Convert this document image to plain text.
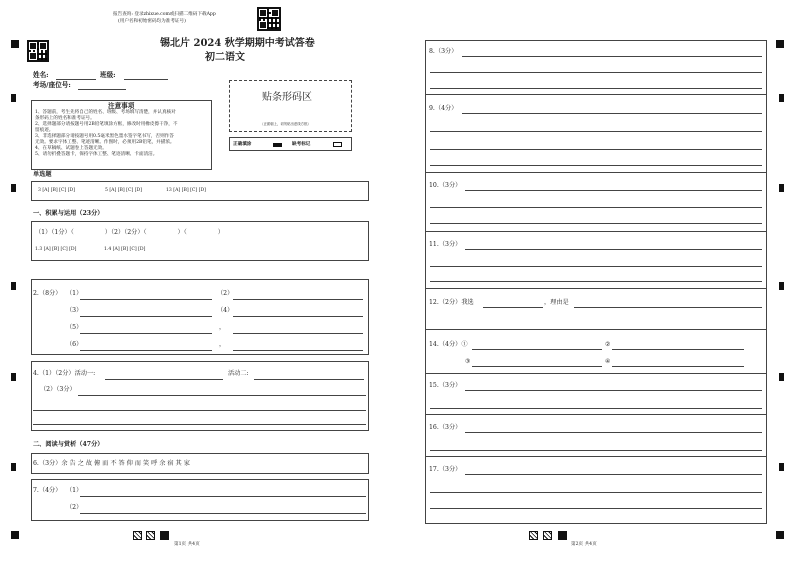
报告查询: 登录zhixue.com或扫描二维码下载App
(用户名和初始密码均为准考证号)
锡北片 2024 秋学期期中考试答卷
初二语文
姓名:	班级:
考场/座位号:
注意事项
1、答题前，考生先将自己的姓名、班级、考场填写清楚，并认真核对
条形码上的姓名和准考证号。
2、选择题部分请按题号用2B铅笔填涂方框，修改时用橡皮擦干净，不
留痕迹。
3、非选择题部分请按题号用0.5毫米黑色墨水签字笔书写，否则作答
无效。要求字体工整、笔迹清晰。作图时，必须用2B铅笔，并描浓。
4、在草稿纸、试题卷上答题无效。
5、请勿折叠答题卡，保持字体工整、笔迹清晰、卡面清洁。
贴条形码区
（正面朝上，切勿贴出虚线方框）
正确填涂	缺考标记
单选题
3 [A] [B] [C] [D]	5 [A] [B] [C] [D]	13 [A] [B] [C] [D]
一、积累与运用（23分）
（1）（1分）（　　　　　）（2）（2分）（　　　　　）（　　　　　）
1.3 [A] [B] [C] [D]	1.4 [A] [B] [C] [D]
2.（8分） （1）	（2）
（3）	（4）
（5）	，
（6）	，
4.（1）（2分）活动一:	活动二:
（2）（3分）
二、阅读与赏析（47分）
6.（3分）余 告 之 故 俯 而 不 答 仰 而 笑 呼 余 宿 其 家
7.（4分） （1）
（2）
第1页 共4页
8.（3分）
9.（4分）
10.（3分）
11.（3分）
12.（2分）我选	，理由是
14.（4分）①	②
③	④
15.（3分）
16.（3分）
17.（3分）
第2页 共4页
